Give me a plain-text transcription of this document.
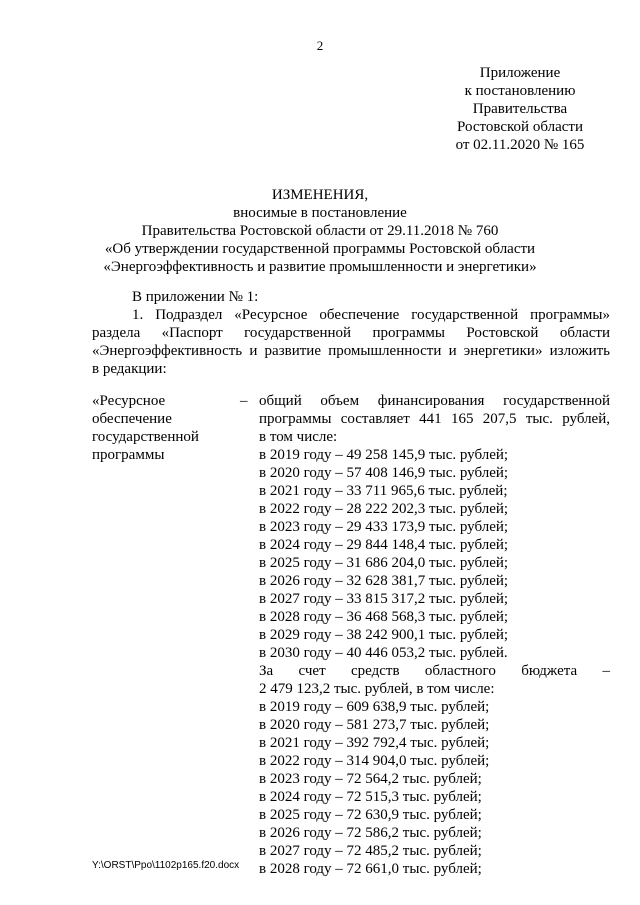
2
Приложение
к постановлению
Правительства
Ростовской области
от 02.11.2020 № 165
ИЗМЕНЕНИЯ,
вносимые в постановление
Правительства Ростовской области от 29.11.2018 № 760
«Об утверждении государственной программы Ростовской области
«Энергоэффективность и развитие промышленности и энергетики»
В приложении № 1:
1. Подраздел «Ресурсное обеспечение государственной программы»
раздела «Паспорт государственной программы Ростовской области
«Энергоэффективность и развитие промышленности и энергетики» изложить
в редакции:
«Ресурсное
обеспечение
государственной
программы
– общий объем финансирования государственной
программы составляет 441 165 207,5 тыс. рублей,
в том числе:
в 2019 году – 49 258 145,9 тыс. рублей;
в 2020 году – 57 408 146,9 тыс. рублей;
в 2021 году – 33 711 965,6 тыс. рублей;
в 2022 году – 28 222 202,3 тыс. рублей;
в 2023 году – 29 433 173,9 тыс. рублей;
в 2024 году – 29 844 148,4 тыс. рублей;
в 2025 году – 31 686 204,0 тыс. рублей;
в 2026 году – 32 628 381,7 тыс. рублей;
в 2027 году – 33 815 317,2 тыс. рублей;
в 2028 году – 36 468 568,3 тыс. рублей;
в 2029 году – 38 242 900,1 тыс. рублей;
в 2030 году – 40 446 053,2 тыс. рублей.
За счет средств областного бюджета –
2 479 123,2 тыс. рублей, в том числе:
в 2019 году – 609 638,9 тыс. рублей;
в 2020 году – 581 273,7 тыс. рублей;
в 2021 году – 392 792,4 тыс. рублей;
в 2022 году – 314 904,0 тыс. рублей;
в 2023 году – 72 564,2 тыс. рублей;
в 2024 году – 72 515,3 тыс. рублей;
в 2025 году – 72 630,9 тыс. рублей;
в 2026 году – 72 586,2 тыс. рублей;
в 2027 году – 72 485,2 тыс. рублей;
в 2028 году – 72 661,0 тыс. рублей;
Y:\ORST\Ppo\1102p165.f20.docx
